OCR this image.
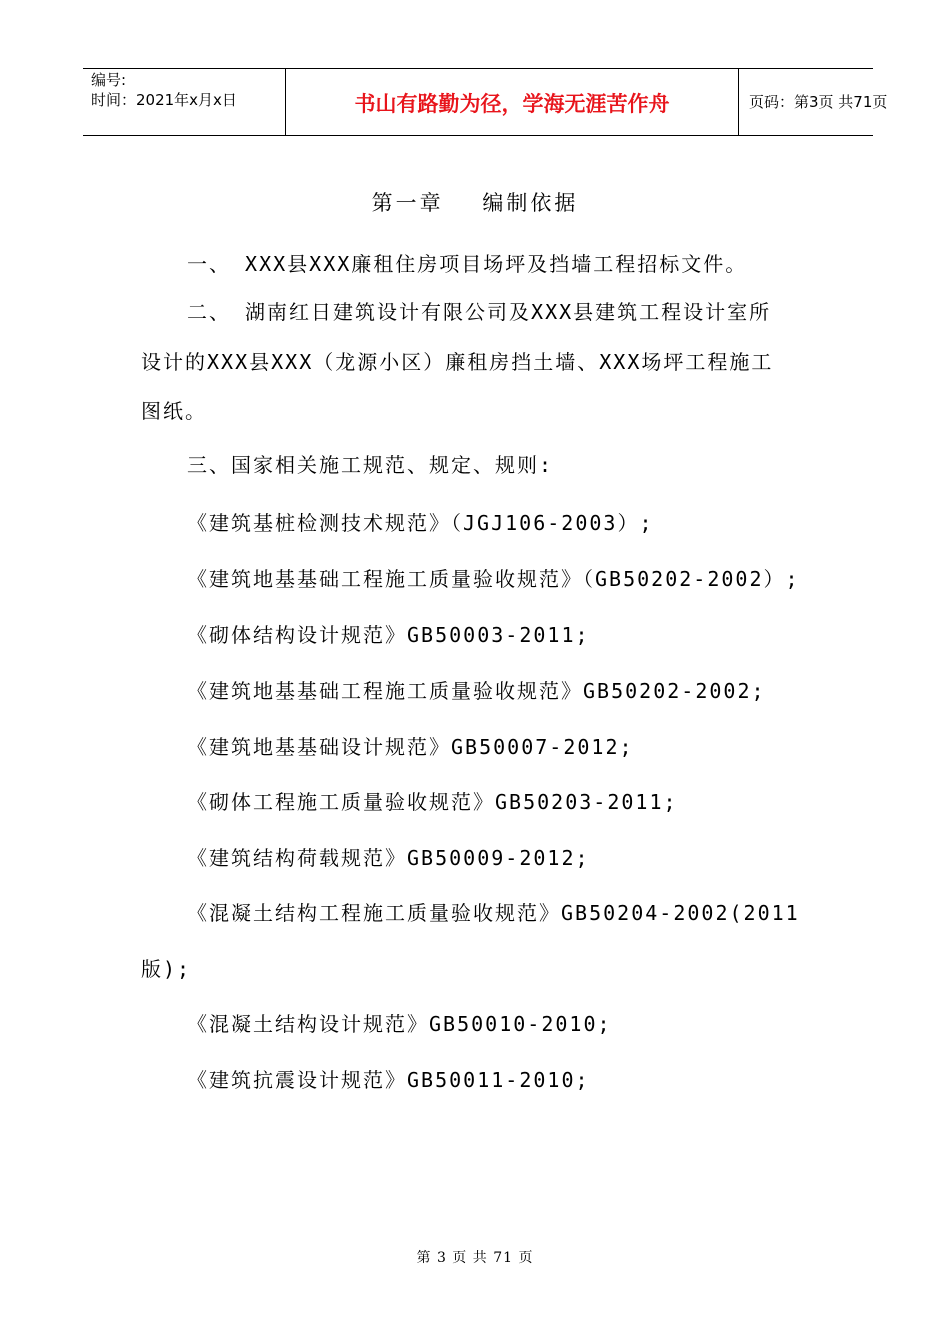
编号:
时间：2021年x月x日	书山有路勤为径，学海无涯苦作舟	页码：第3页 共71页
第一章    编制依据
一、 XXX县XXX廉租住房项目场坪及挡墙工程招标文件。
二、 湖南红日建筑设计有限公司及XXX县建筑工程设计室所
设计的XXX县XXX（龙源小区）廉租房挡土墙、XXX场坪工程施工
图纸。
三、国家相关施工规范、规定、规则:
《建筑基桩检测技术规范》（JGJ106-2003）;
《建筑地基基础工程施工质量验收规范》（GB50202-2002）;
《砌体结构设计规范》GB50003-2011;
《建筑地基基础工程施工质量验收规范》GB50202-2002;
《建筑地基基础设计规范》GB50007-2012;
《砌体工程施工质量验收规范》GB50203-2011;
《建筑结构荷载规范》GB50009-2012;
《混凝土结构工程施工质量验收规范》GB50204-2002(2011
版);
《混凝土结构设计规范》GB50010-2010;
《建筑抗震设计规范》GB50011-2010;
第 3 页 共 71 页
